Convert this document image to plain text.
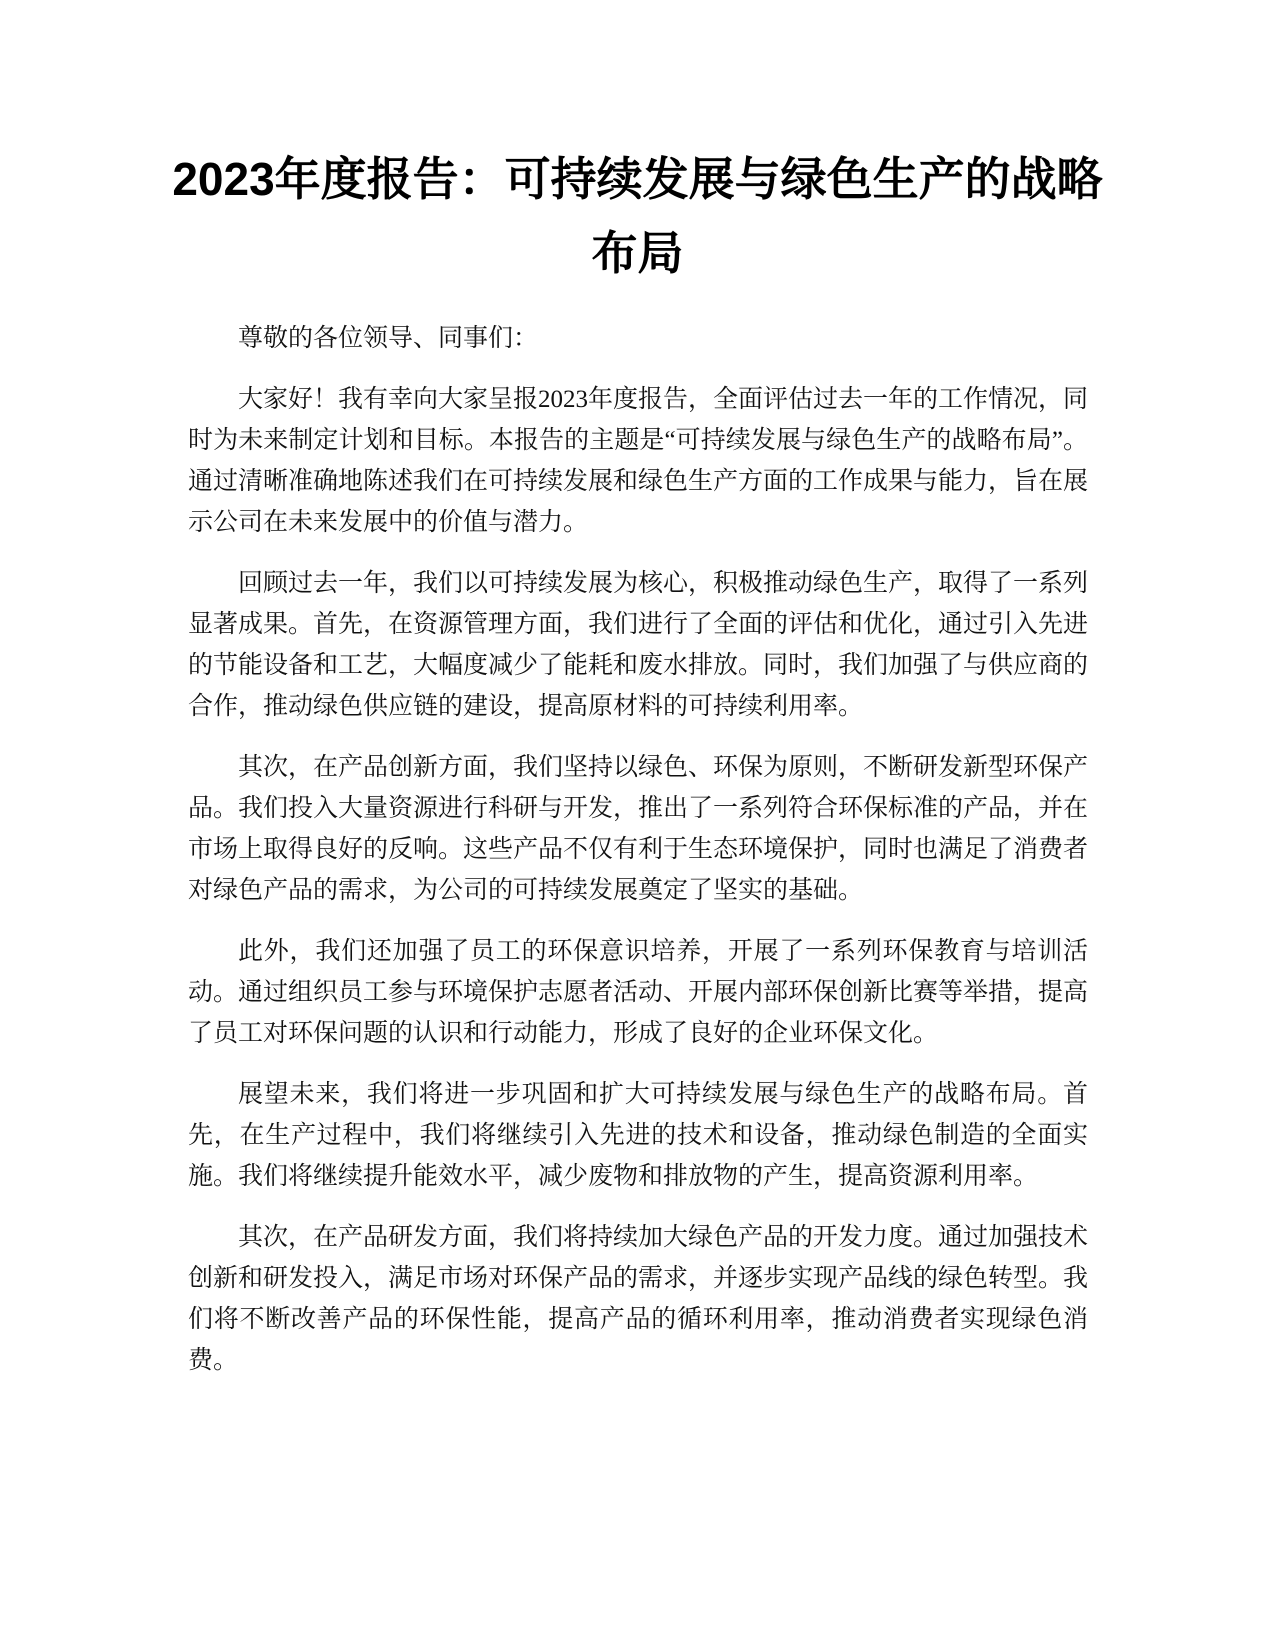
2023年度报告：可持续发展与绿色生产的战略布局

尊敬的各位领导、同事们：

大家好！我有幸向大家呈报2023年度报告，全面评估过去一年的工作情况，同时为未来制定计划和目标。本报告的主题是“可持续发展与绿色生产的战略布局”。通过清晰准确地陈述我们在可持续发展和绿色生产方面的工作成果与能力，旨在展示公司在未来发展中的价值与潜力。

回顾过去一年，我们以可持续发展为核心，积极推动绿色生产，取得了一系列显著成果。首先，在资源管理方面，我们进行了全面的评估和优化，通过引入先进的节能设备和工艺，大幅度减少了能耗和废水排放。同时，我们加强了与供应商的合作，推动绿色供应链的建设，提高原材料的可持续利用率。

其次，在产品创新方面，我们坚持以绿色、环保为原则，不断研发新型环保产品。我们投入大量资源进行科研与开发，推出了一系列符合环保标准的产品，并在市场上取得良好的反响。这些产品不仅有利于生态环境保护，同时也满足了消费者对绿色产品的需求，为公司的可持续发展奠定了坚实的基础。

此外，我们还加强了员工的环保意识培养，开展了一系列环保教育与培训活动。通过组织员工参与环境保护志愿者活动、开展内部环保创新比赛等举措，提高了员工对环保问题的认识和行动能力，形成了良好的企业环保文化。

展望未来，我们将进一步巩固和扩大可持续发展与绿色生产的战略布局。首先，在生产过程中，我们将继续引入先进的技术和设备，推动绿色制造的全面实施。我们将继续提升能效水平，减少废物和排放物的产生，提高资源利用率。

其次，在产品研发方面，我们将持续加大绿色产品的开发力度。通过加强技术创新和研发投入，满足市场对环保产品的需求，并逐步实现产品线的绿色转型。我们将不断改善产品的环保性能，提高产品的循环利用率，推动消费者实现绿色消费。
